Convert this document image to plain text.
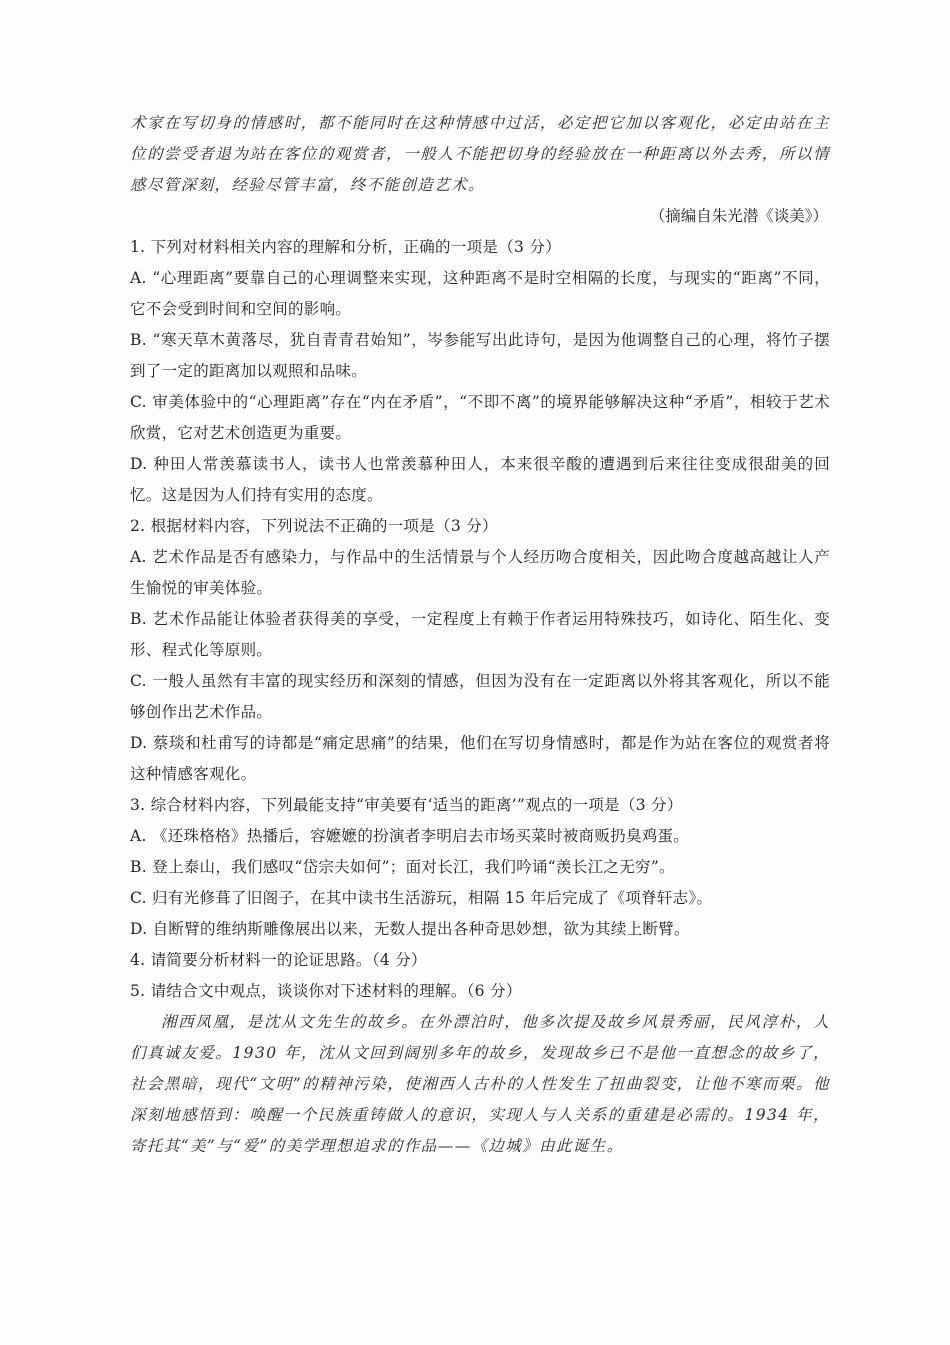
术家在写切身的情感时，都不能同时在这种情感中过活，必定把它加以客观化，必定由站在主位的尝受者退为站在客位的观赏者，一般人不能把切身的经验放在一种距离以外去秀，所以情感尽管深刻，经验尽管丰富，终不能创造艺术。

（摘编自朱光潜《谈美》）

1. 下列对材料相关内容的理解和分析，正确的一项是（3 分）

A. “心理距离”要靠自己的心理调整来实现，这种距离不是时空相隔的长度，与现实的“距离”不同，它不会受到时间和空间的影响。

B. “寒天草木黄落尽，犹自青青君始知”，岑参能写出此诗句，是因为他调整自己的心理，将竹子摆到了一定的距离加以观照和品味。

C. 审美体验中的“心理距离”存在“内在矛盾”，“不即不离”的境界能够解决这种“矛盾”，相较于艺术欣赏，它对艺术创造更为重要。

D. 种田人常羡慕读书人，读书人也常羡慕种田人，本来很辛酸的遭遇到后来往往变成很甜美的回忆。这是因为人们持有实用的态度。

2. 根据材料内容，下列说法不正确的一项是（3 分）

A. 艺术作品是否有感染力，与作品中的生活情景与个人经历吻合度相关，因此吻合度越高越让人产生愉悦的审美体验。

B. 艺术作品能让体验者获得美的享受，一定程度上有赖于作者运用特殊技巧，如诗化、陌生化、变形、程式化等原则。

C. 一般人虽然有丰富的现实经历和深刻的情感，但因为没有在一定距离以外将其客观化，所以不能够创作出艺术作品。

D. 蔡琰和杜甫写的诗都是“痛定思痛”的结果，他们在写切身情感时，都是作为站在客位的观赏者将这种情感客观化。

3. 综合材料内容，下列最能支持“审美要有‘适当的距离’”观点的一项是（3 分）

A. 《还珠格格》热播后，容嬷嬷的扮演者李明启去市场买菜时被商贩扔臭鸡蛋。

B. 登上泰山，我们感叹“岱宗夫如何”；面对长江，我们吟诵“羡长江之无穷”。

C. 归有光修葺了旧阁子，在其中读书生活游玩，相隔 15 年后完成了《项脊轩志》。

D. 自断臂的维纳斯雕像展出以来，无数人提出各种奇思妙想，欲为其续上断臂。

4. 请简要分析材料一的论证思路。（4 分）

5. 请结合文中观点，谈谈你对下述材料的理解。（6 分）

湘西凤凰，是沈从文先生的故乡。在外漂泊时，他多次提及故乡风景秀丽，民风淳朴，人们真诚友爱。1930 年，沈从文回到阔别多年的故乡，发现故乡已不是他一直想念的故乡了，社会黑暗，现代“文明”的精神污染，使湘西人古朴的人性发生了扭曲裂变，让他不寒而栗。他深刻地感悟到：唤醒一个民族重铸做人的意识，实现人与人关系的重建是必需的。1934 年，寄托其“美”与“爱”的美学理想追求的作品——《边城》由此诞生。
